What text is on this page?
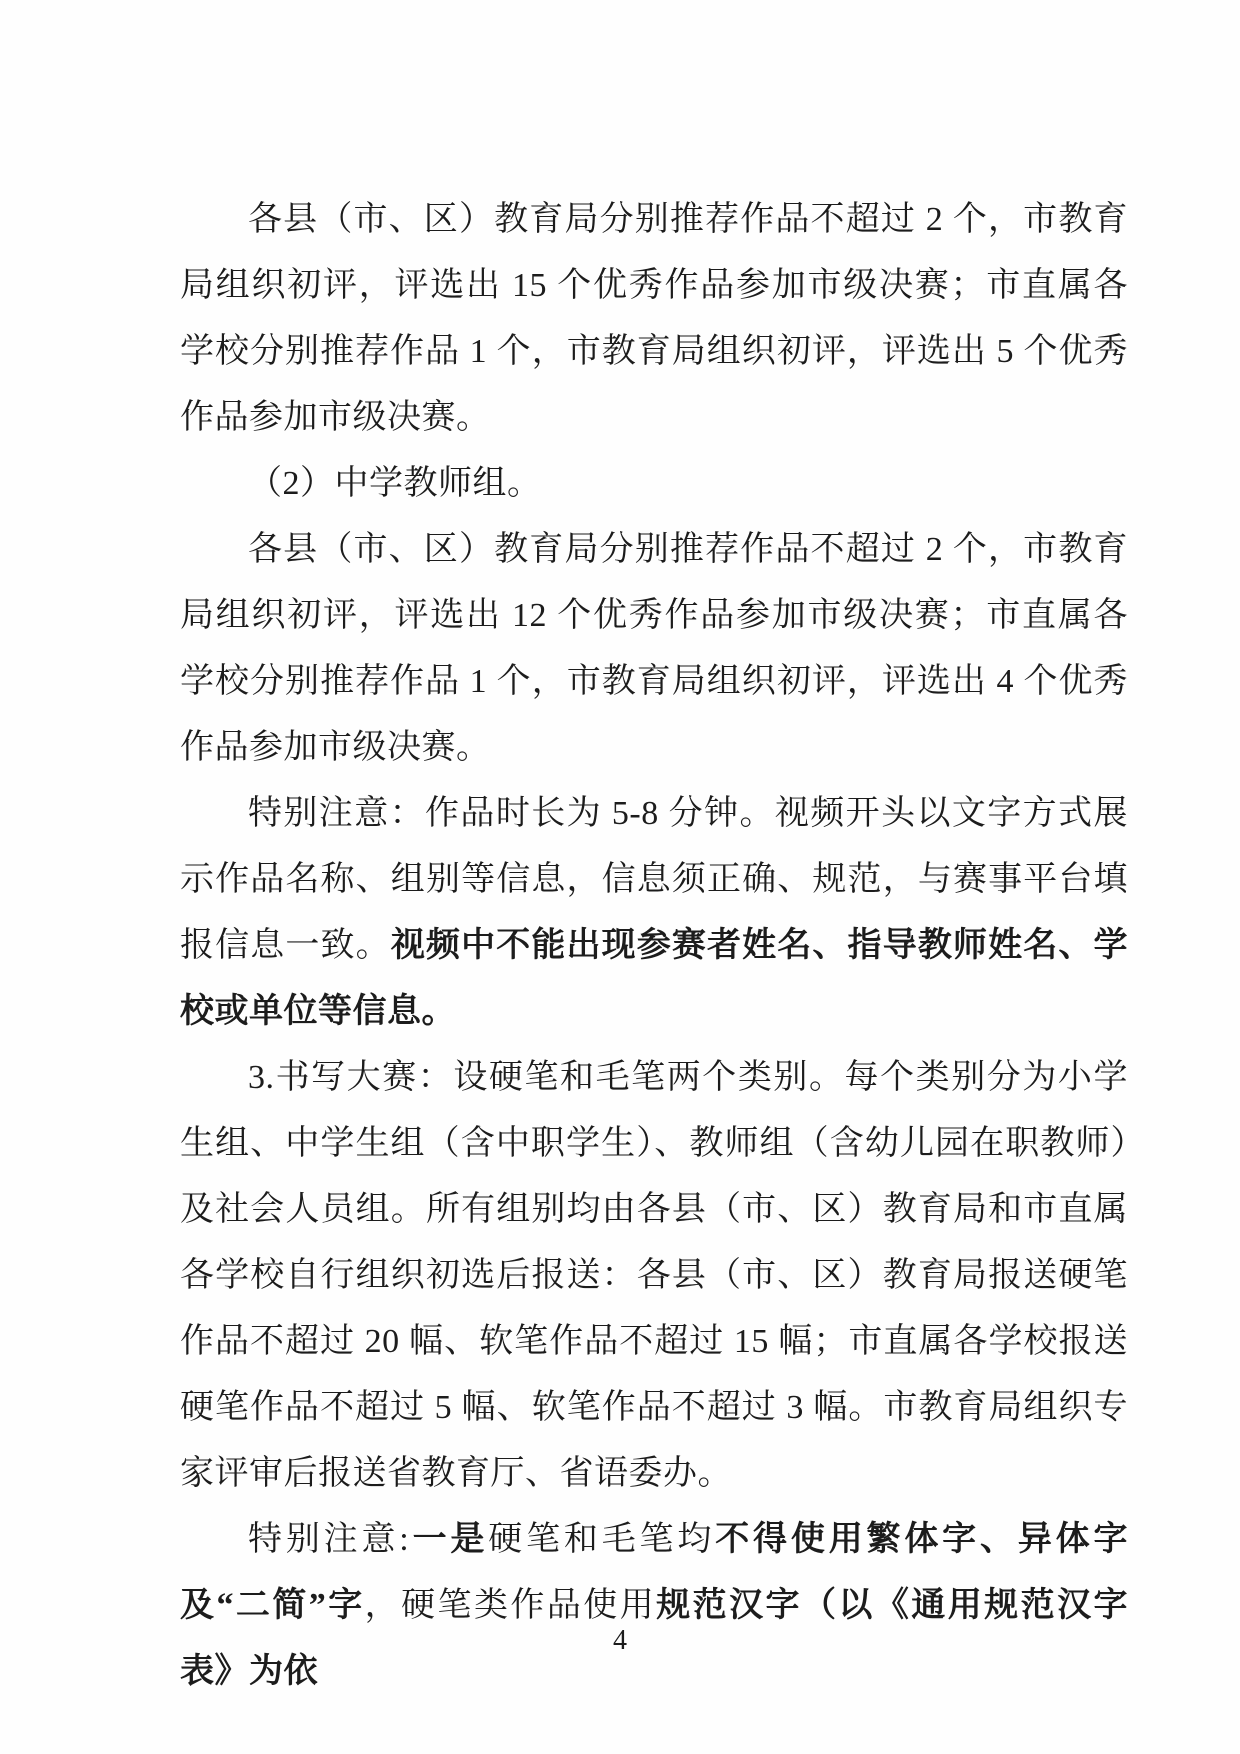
各县（市、区）教育局分别推荐作品不超过 2 个，市教育局组织初评，评选出 15 个优秀作品参加市级决赛；市直属各学校分别推荐作品 1 个，市教育局组织初评，评选出 5 个优秀作品参加市级决赛。

（2）中学教师组。

各县（市、区）教育局分别推荐作品不超过 2 个，市教育局组织初评，评选出 12 个优秀作品参加市级决赛；市直属各学校分别推荐作品 1 个，市教育局组织初评，评选出 4 个优秀作品参加市级决赛。

特别注意：作品时长为 5-8 分钟。视频开头以文字方式展示作品名称、组别等信息，信息须正确、规范，与赛事平台填报信息一致。视频中不能出现参赛者姓名、指导教师姓名、学校或单位等信息。

3.书写大赛：设硬笔和毛笔两个类别。每个类别分为小学生组、中学生组（含中职学生）、教师组（含幼儿园在职教师）及社会人员组。所有组别均由各县（市、区）教育局和市直属各学校自行组织初选后报送：各县（市、区）教育局报送硬笔作品不超过 20 幅、软笔作品不超过 15 幅；市直属各学校报送硬笔作品不超过 5 幅、软笔作品不超过 3 幅。市教育局组织专家评审后报送省教育厅、省语委办。

特别注意:一是硬笔和毛笔均不得使用繁体字、异体字及“二简”字，硬笔类作品使用规范汉字（以《通用规范汉字表》为依

4
